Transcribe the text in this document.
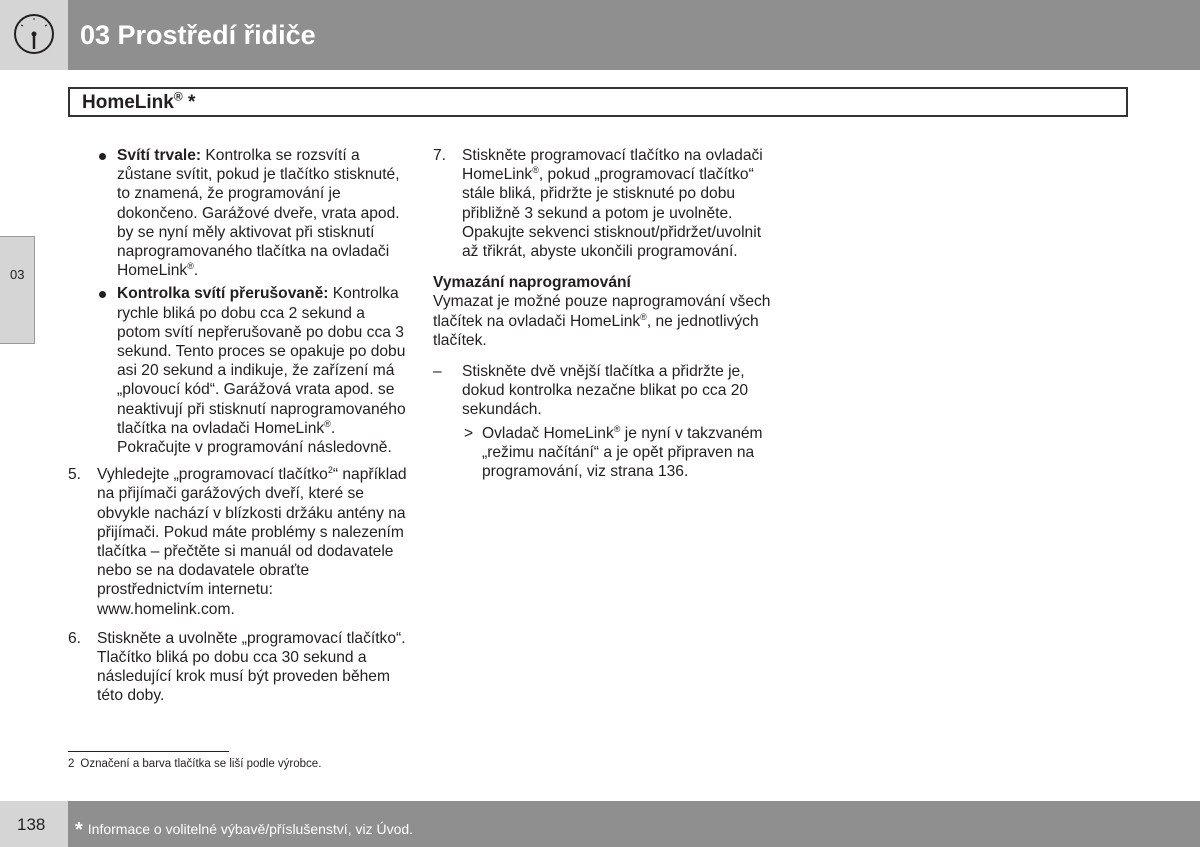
03 Prostředí řidiče
HomeLink® *
03
Svítí trvale: Kontrolka se rozsvítí a zůstane svítit, pokud je tlačítko stisknuté, to znamená, že programování je dokončeno. Garážové dveře, vrata apod. by se nyní měly aktivovat při stisknutí naprogramovaného tlačítka na ovladači HomeLink®.
Kontrolka svítí přerušovaně: Kontrolka rychle bliká po dobu cca 2 sekund a potom svítí nepřerušovaně po dobu cca 3 sekund. Tento proces se opakuje po dobu asi 20 sekund a indikuje, že zařízení má „plovoucí kód“. Garážová vrata apod. se neaktivují při stisknutí naprogramovaného tlačítka na ovladači HomeLink®. Pokračujte v programování následovně.
5. Vyhledejte „programovací tlačítko$^2$“ například na přijímači garážových dveří, které se obvykle nachází v blízkosti držáku antény na přijímači. Pokud máte problémy s nalezením tlačítka – přečtěte si manuál od dodavatele nebo se na dodavatele obraťte prostřednictvím internetu: www.homelink.com.
6. Stiskněte a uvolněte „programovací tlačítko“. Tlačítko bliká po dobu cca 30 sekund a následující krok musí být proveden během této doby.
7. Stiskněte programovací tlačítko na ovladači HomeLink®, pokud „programovací tlačítko“ stále bliká, přidržte je stisknuté po dobu přibližně 3 sekund a potom je uvolněte. Opakujte sekvenci stisknout/přidržet/uvolnit až třikrát, abyste ukončili programování.
Vymazání naprogramování
Vymazat je možné pouze naprogramování všech tlačítek na ovladači HomeLink®, ne jednotlivých tlačítek.
– Stiskněte dvě vnější tlačítka a přidržte je, dokud kontrolka nezačne blikat po cca 20 sekundách.
> Ovladač HomeLink® je nyní v takzvaném „režimu načítání“ a je opět připraven na programování, viz strana 136.
2 Označení a barva tlačítka se liší podle výrobce.
138 * Informace o volitelné výbavě/příslušenství, viz Úvod.
